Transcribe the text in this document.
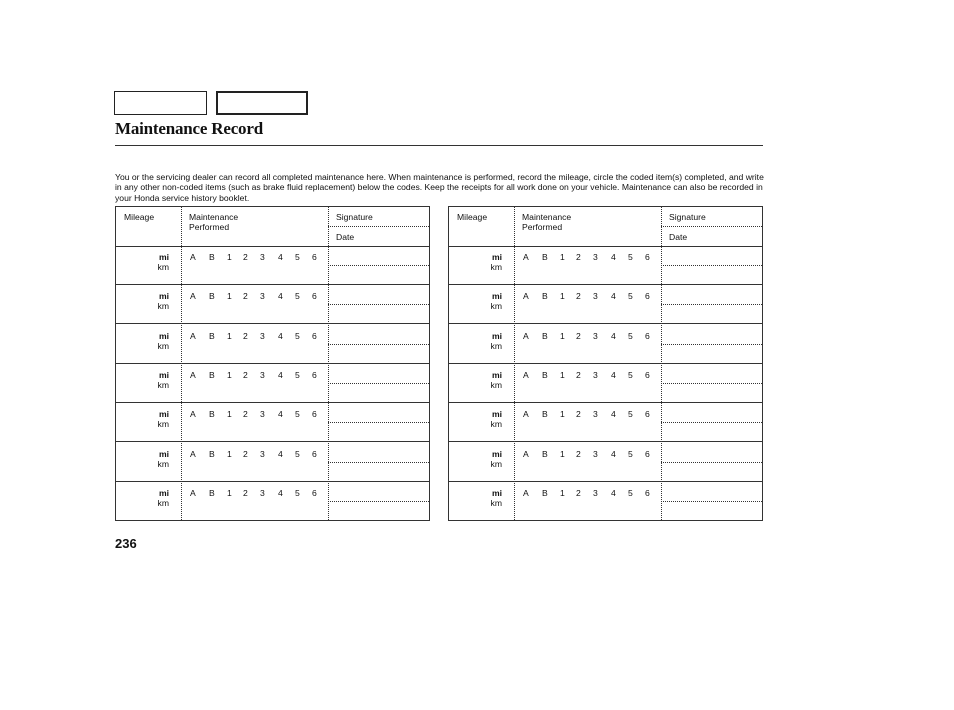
Maintenance Record

You or the servicing dealer can record all completed maintenance here. When maintenance is performed, record the mileage, circle the coded item(s) completed, and write in any other non-coded items (such as brake fluid replacement) below the codes. Keep the receipts for all work done on your vehicle. Maintenance can also be recorded in your Honda service history booklet.

Mileage	Maintenance Performed
Signature
Date
mi
km
A B 1 2 3 4 5 6
mi
km
A B 1 2 3 4 5 6
mi
km
A B 1 2 3 4 5 6
mi
km
A B 1 2 3 4 5 6
mi
km
A B 1 2 3 4 5 6
mi
km
A B 1 2 3 4 5 6
mi
km
A B 1 2 3 4 5 6
Mileage	Maintenance Performed
Signature
Date
mi
km
A B 1 2 3 4 5 6
mi
km
A B 1 2 3 4 5 6
mi
km
A B 1 2 3 4 5 6
mi
km
A B 1 2 3 4 5 6
mi
km
A B 1 2 3 4 5 6
mi
km
A B 1 2 3 4 5 6
mi
km
A B 1 2 3 4 5 6
236
